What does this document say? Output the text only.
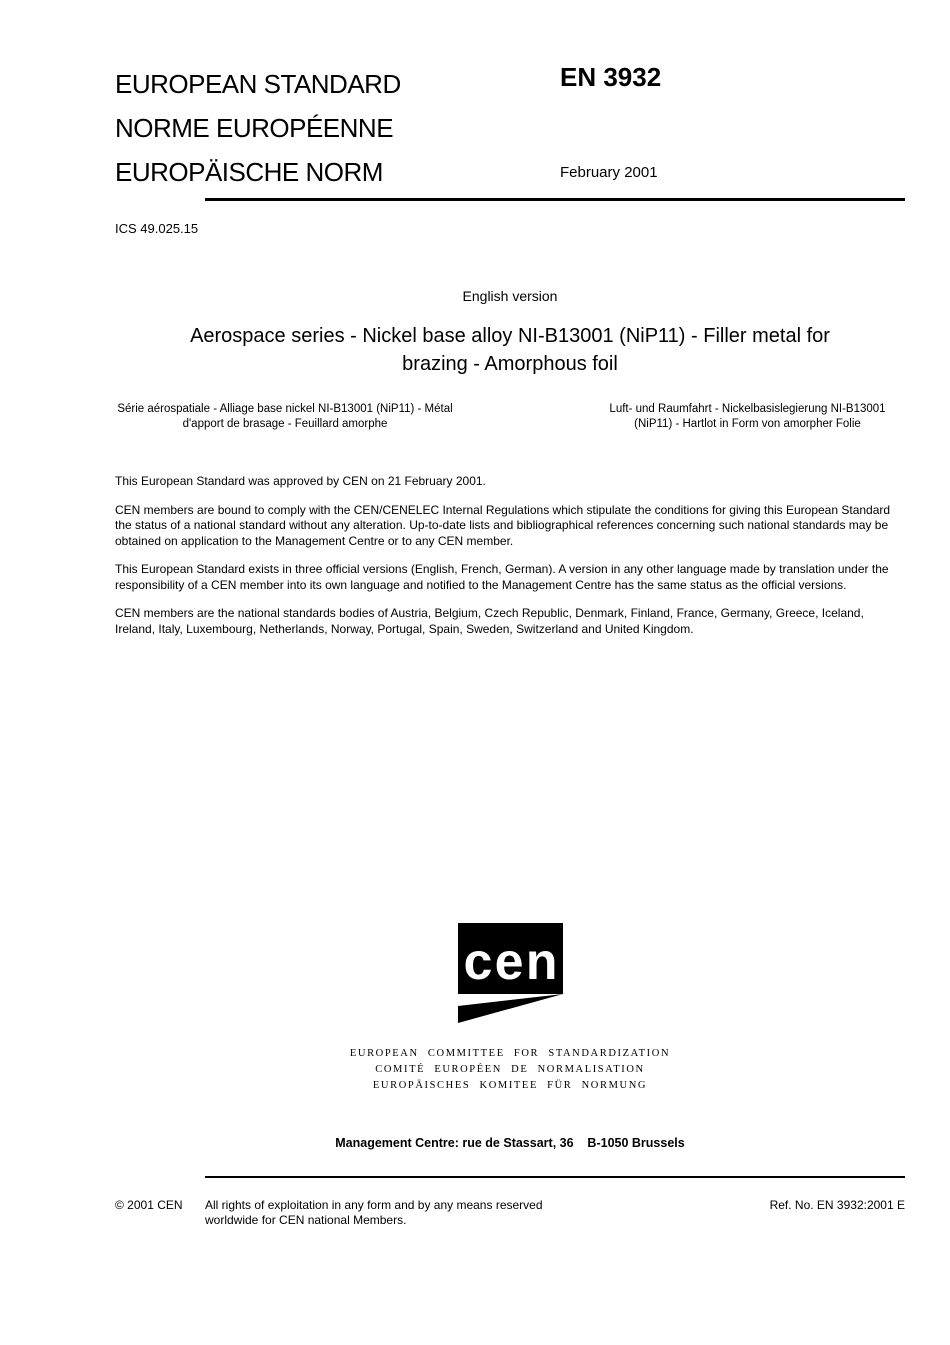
EUROPEAN STANDARD
NORME EUROPÉENNE
EUROPÄISCHE NORM
EN 3932
February 2001
ICS 49.025.15
English version
Aerospace series - Nickel base alloy NI-B13001 (NiP11) - Filler metal for brazing - Amorphous foil
Série aérospatiale - Alliage base nickel NI-B13001 (NiP11) - Métal d'apport de brasage - Feuillard amorphe
Luft- und Raumfahrt - Nickelbasislegierung NI-B13001 (NiP11) - Hartlot in Form von amorpher Folie
This European Standard was approved by CEN on 21 February 2001.
CEN members are bound to comply with the CEN/CENELEC Internal Regulations which stipulate the conditions for giving this European Standard the status of a national standard without any alteration. Up-to-date lists and bibliographical references concerning such national standards may be obtained on application to the Management Centre or to any CEN member.
This European Standard exists in three official versions (English, French, German). A version in any other language made by translation under the responsibility of a CEN member into its own language and notified to the Management Centre has the same status as the official versions.
CEN members are the national standards bodies of Austria, Belgium, Czech Republic, Denmark, Finland, France, Germany, Greece, Iceland, Ireland, Italy, Luxembourg, Netherlands, Norway, Portugal, Spain, Sweden, Switzerland and United Kingdom.
cen
EUROPEAN COMMITTEE FOR STANDARDIZATION
COMITÉ EUROPÉEN DE NORMALISATION
EUROPÄISCHES KOMITEE FÜR NORMUNG
Management Centre: rue de Stassart, 36    B-1050 Brussels
© 2001 CEN	All rights of exploitation in any form and by any means reserved worldwide for CEN national Members.
Ref. No. EN 3932:2001 E
